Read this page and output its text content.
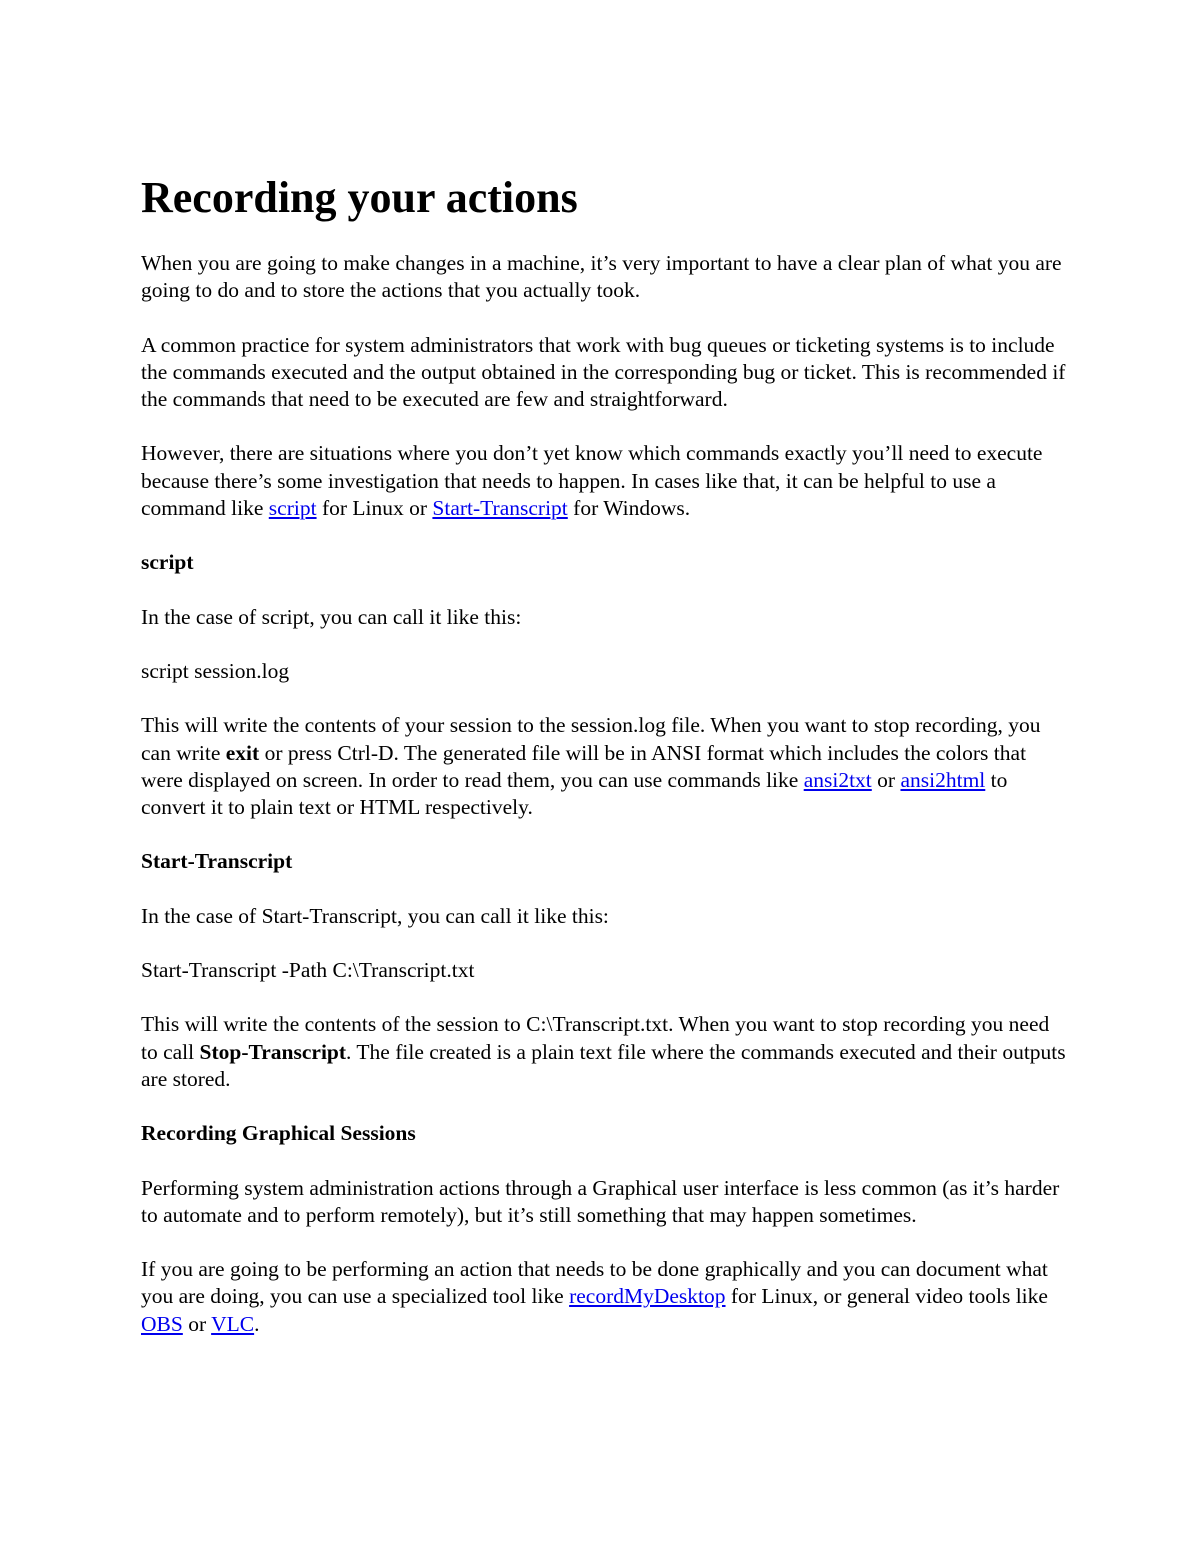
Recording your actions

When you are going to make changes in a machine, it’s very important to have a clear plan of what you are going to do and to store the actions that you actually took.

A common practice for system administrators that work with bug queues or ticketing systems is to include the commands executed and the output obtained in the corresponding bug or ticket. This is recommended if the commands that need to be executed are few and straightforward.

However, there are situations where you don’t yet know which commands exactly you’ll need to execute because there’s some investigation that needs to happen. In cases like that, it can be helpful to use a command like script for Linux or Start-Transcript for Windows.

script

In the case of script, you can call it like this:

script session.log

This will write the contents of your session to the session.log file. When you want to stop recording, you can write exit or press Ctrl-D. The generated file will be in ANSI format which includes the colors that were displayed on screen. In order to read them, you can use commands like ansi2txt or ansi2html to convert it to plain text or HTML respectively.

Start-Transcript

In the case of Start-Transcript, you can call it like this:

Start-Transcript -Path C:\Transcript.txt

This will write the contents of the session to C:\Transcript.txt. When you want to stop recording you need to call Stop-Transcript. The file created is a plain text file where the commands executed and their outputs are stored.

Recording Graphical Sessions

Performing system administration actions through a Graphical user interface is less common (as it’s harder to automate and to perform remotely), but it’s still something that may happen sometimes.

If you are going to be performing an action that needs to be done graphically and you can document what you are doing, you can use a specialized tool like recordMyDesktop for Linux, or general video tools like OBS or VLC.
